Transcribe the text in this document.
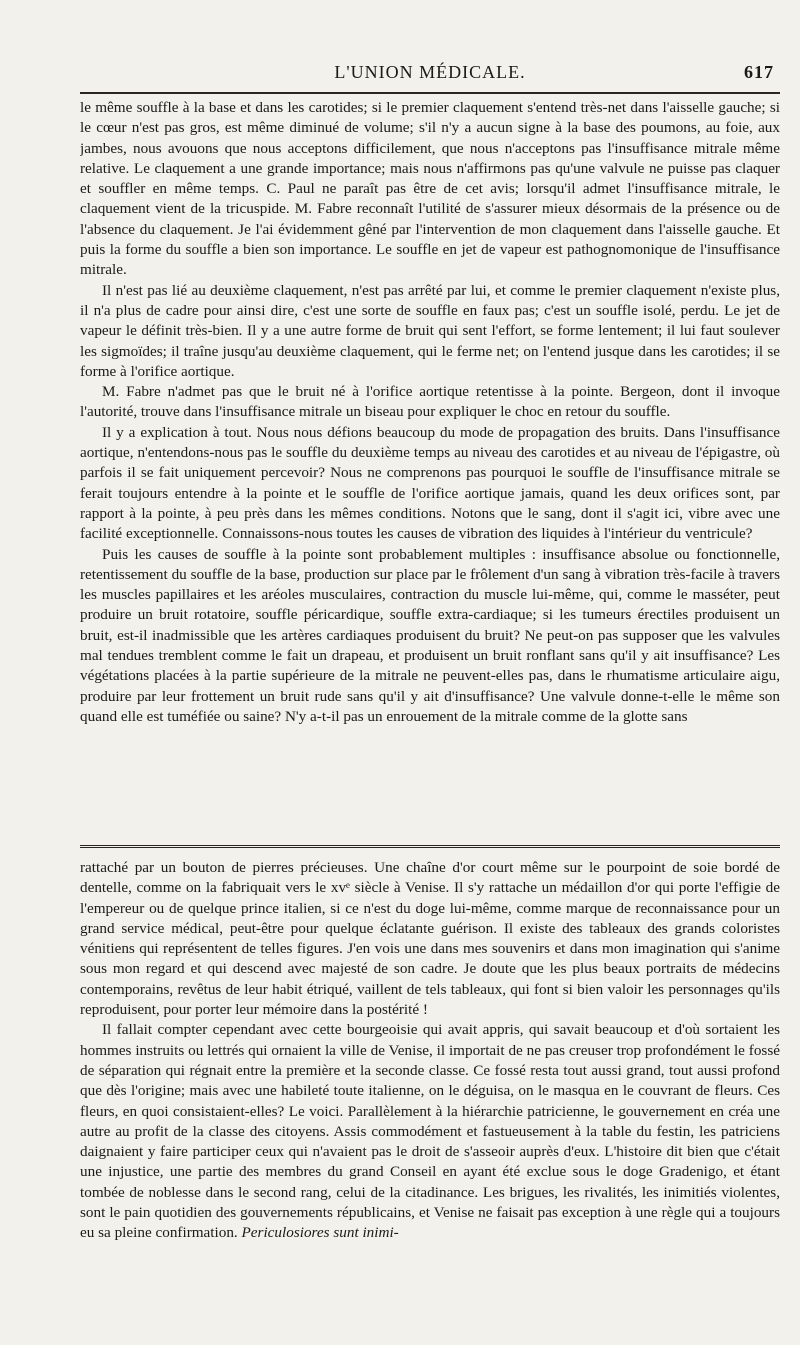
L'UNION MÉDICALE.	617

le même souffle à la base et dans les carotides; si le premier claquement s'entend très-net dans l'aisselle gauche; si le cœur n'est pas gros, est même diminué de volume; s'il n'y a aucun signe à la base des poumons, au foie, aux jambes, nous avouons que nous acceptons difficilement, que nous n'acceptons pas l'insuffisance mitrale même relative. Le claquement a une grande importance; mais nous n'affirmons pas qu'une valvule ne puisse pas claquer et souffler en même temps. C. Paul ne paraît pas être de cet avis; lorsqu'il admet l'insuffisance mitrale, le claquement vient de la tricuspide. M. Fabre reconnaît l'utilité de s'assurer mieux désormais de la présence ou de l'absence du claquement. Je l'ai évidemment gêné par l'intervention de mon claquement dans l'aisselle gauche. Et puis la forme du souffle a bien son importance. Le souffle en jet de vapeur est pathognomonique de l'insuffisance mitrale.

Il n'est pas lié au deuxième claquement, n'est pas arrêté par lui, et comme le premier claquement n'existe plus, il n'a plus de cadre pour ainsi dire, c'est une sorte de souffle en faux pas; c'est un souffle isolé, perdu. Le jet de vapeur le définit très-bien. Il y a une autre forme de bruit qui sent l'effort, se forme lentement; il lui faut soulever les sigmoïdes; il traîne jusqu'au deuxième claquement, qui le ferme net; on l'entend jusque dans les carotides; il se forme à l'orifice aortique.

M. Fabre n'admet pas que le bruit né à l'orifice aortique retentisse à la pointe. Bergeon, dont il invoque l'autorité, trouve dans l'insuffisance mitrale un biseau pour expliquer le choc en retour du souffle.

Il y a explication à tout. Nous nous défions beaucoup du mode de propagation des bruits. Dans l'insuffisance aortique, n'entendons-nous pas le souffle du deuxième temps au niveau des carotides et au niveau de l'épigastre, où parfois il se fait uniquement percevoir? Nous ne comprenons pas pourquoi le souffle de l'insuffisance mitrale se ferait toujours entendre à la pointe et le souffle de l'orifice aortique jamais, quand les deux orifices sont, par rapport à la pointe, à peu près dans les mêmes conditions. Notons que le sang, dont il s'agit ici, vibre avec une facilité exceptionnelle. Connaissons-nous toutes les causes de vibration des liquides à l'intérieur du ventricule?

Puis les causes de souffle à la pointe sont probablement multiples : insuffisance absolue ou fonctionnelle, retentissement du souffle de la base, production sur place par le frôlement d'un sang à vibration très-facile à travers les muscles papillaires et les aréoles musculaires, contraction du muscle lui-même, qui, comme le masséter, peut produire un bruit rotatoire, souffle péricardique, souffle extra-cardiaque; si les tumeurs érectiles produisent un bruit, est-il inadmissible que les artères cardiaques produisent du bruit? Ne peut-on pas supposer que les valvules mal tendues tremblent comme le fait un drapeau, et produisent un bruit ronflant sans qu'il y ait insuffisance? Les végétations placées à la partie supérieure de la mitrale ne peuvent-elles pas, dans le rhumatisme articulaire aigu, produire par leur frottement un bruit rude sans qu'il y ait d'insuffisance? Une valvule donne-t-elle le même son quand elle est tuméfiée ou saine? N'y a-t-il pas un enrouement de la mitrale comme de la glotte sans

rattaché par un bouton de pierres précieuses. Une chaîne d'or court même sur le pourpoint de soie bordé de dentelle, comme on la fabriquait vers le xvᵉ siècle à Venise. Il s'y rattache un médaillon d'or qui porte l'effigie de l'empereur ou de quelque prince italien, si ce n'est du doge lui-même, comme marque de reconnaissance pour un grand service médical, peut-être pour quelque éclatante guérison. Il existe des tableaux des grands coloristes vénitiens qui représentent de telles figures. J'en vois une dans mes souvenirs et dans mon imagination qui s'anime sous mon regard et qui descend avec majesté de son cadre. Je doute que les plus beaux portraits de médecins contemporains, revêtus de leur habit étriqué, vaillent de tels tableaux, qui font si bien valoir les personnages qu'ils reproduisent, pour porter leur mémoire dans la postérité !

Il fallait compter cependant avec cette bourgeoisie qui avait appris, qui savait beaucoup et d'où sortaient les hommes instruits ou lettrés qui ornaient la ville de Venise, il importait de ne pas creuser trop profondément le fossé de séparation qui régnait entre la première et la seconde classe. Ce fossé resta tout aussi grand, tout aussi profond que dès l'origine; mais avec une habileté toute italienne, on le déguisa, on le masqua en le couvrant de fleurs. Ces fleurs, en quoi consistaient-elles? Le voici. Parallèlement à la hiérarchie patricienne, le gouvernement en créa une autre au profit de la classe des citoyens. Assis commodément et fastueusement à la table du festin, les patriciens daignaient y faire participer ceux qui n'avaient pas le droit de s'asseoir auprès d'eux. L'histoire dit bien que c'était une injustice, une partie des membres du grand Conseil en ayant été exclue sous le doge Gradenigo, et étant tombée de noblesse dans le second rang, celui de la citadinance. Les brigues, les rivalités, les inimitiés violentes, sont le pain quotidien des gouvernements républicains, et Venise ne faisait pas exception à une règle qui a toujours eu sa pleine confirmation. Periculosiores sunt inimi-
